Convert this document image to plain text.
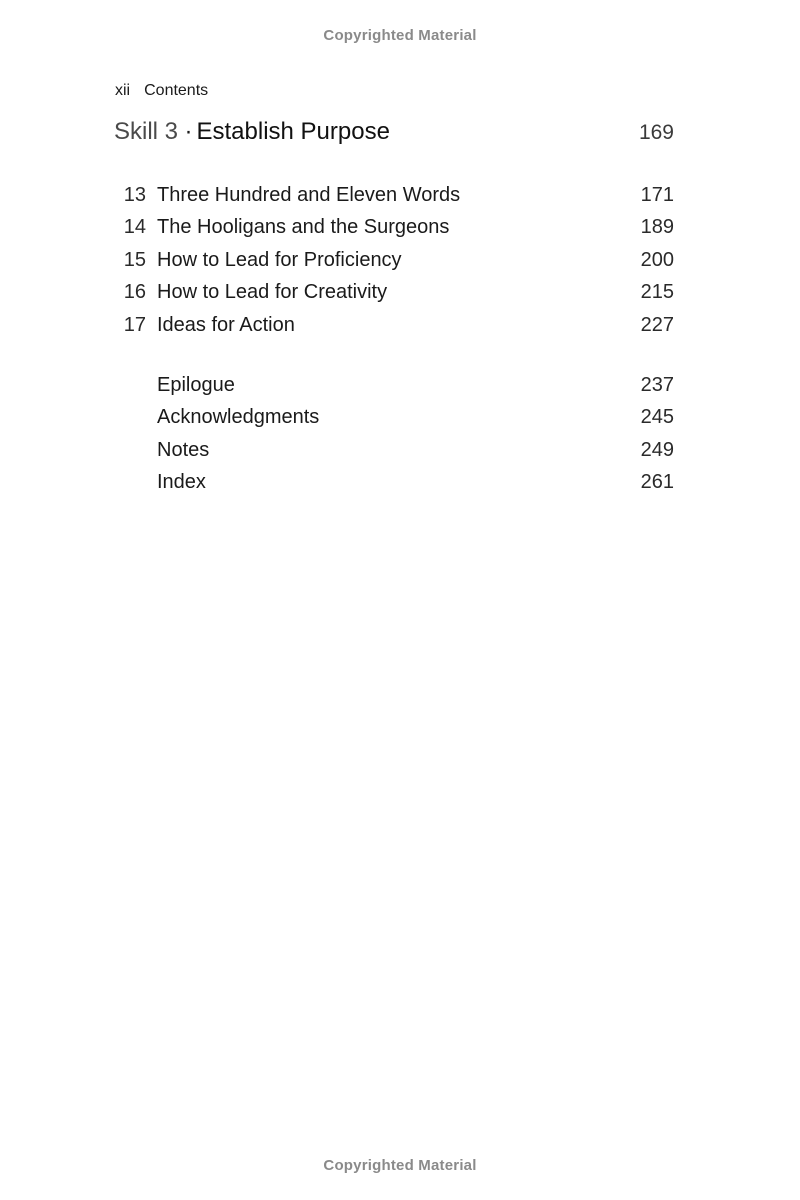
Copyrighted Material
xii Contents
Skill 3 · Establish Purpose	169
13 Three Hundred and Eleven Words	171
14 The Hooligans and the Surgeons	189
15 How to Lead for Proficiency	200
16 How to Lead for Creativity	215
17 Ideas for Action	227
Epilogue	237
Acknowledgments	245
Notes	249
Index	261
Copyrighted Material
